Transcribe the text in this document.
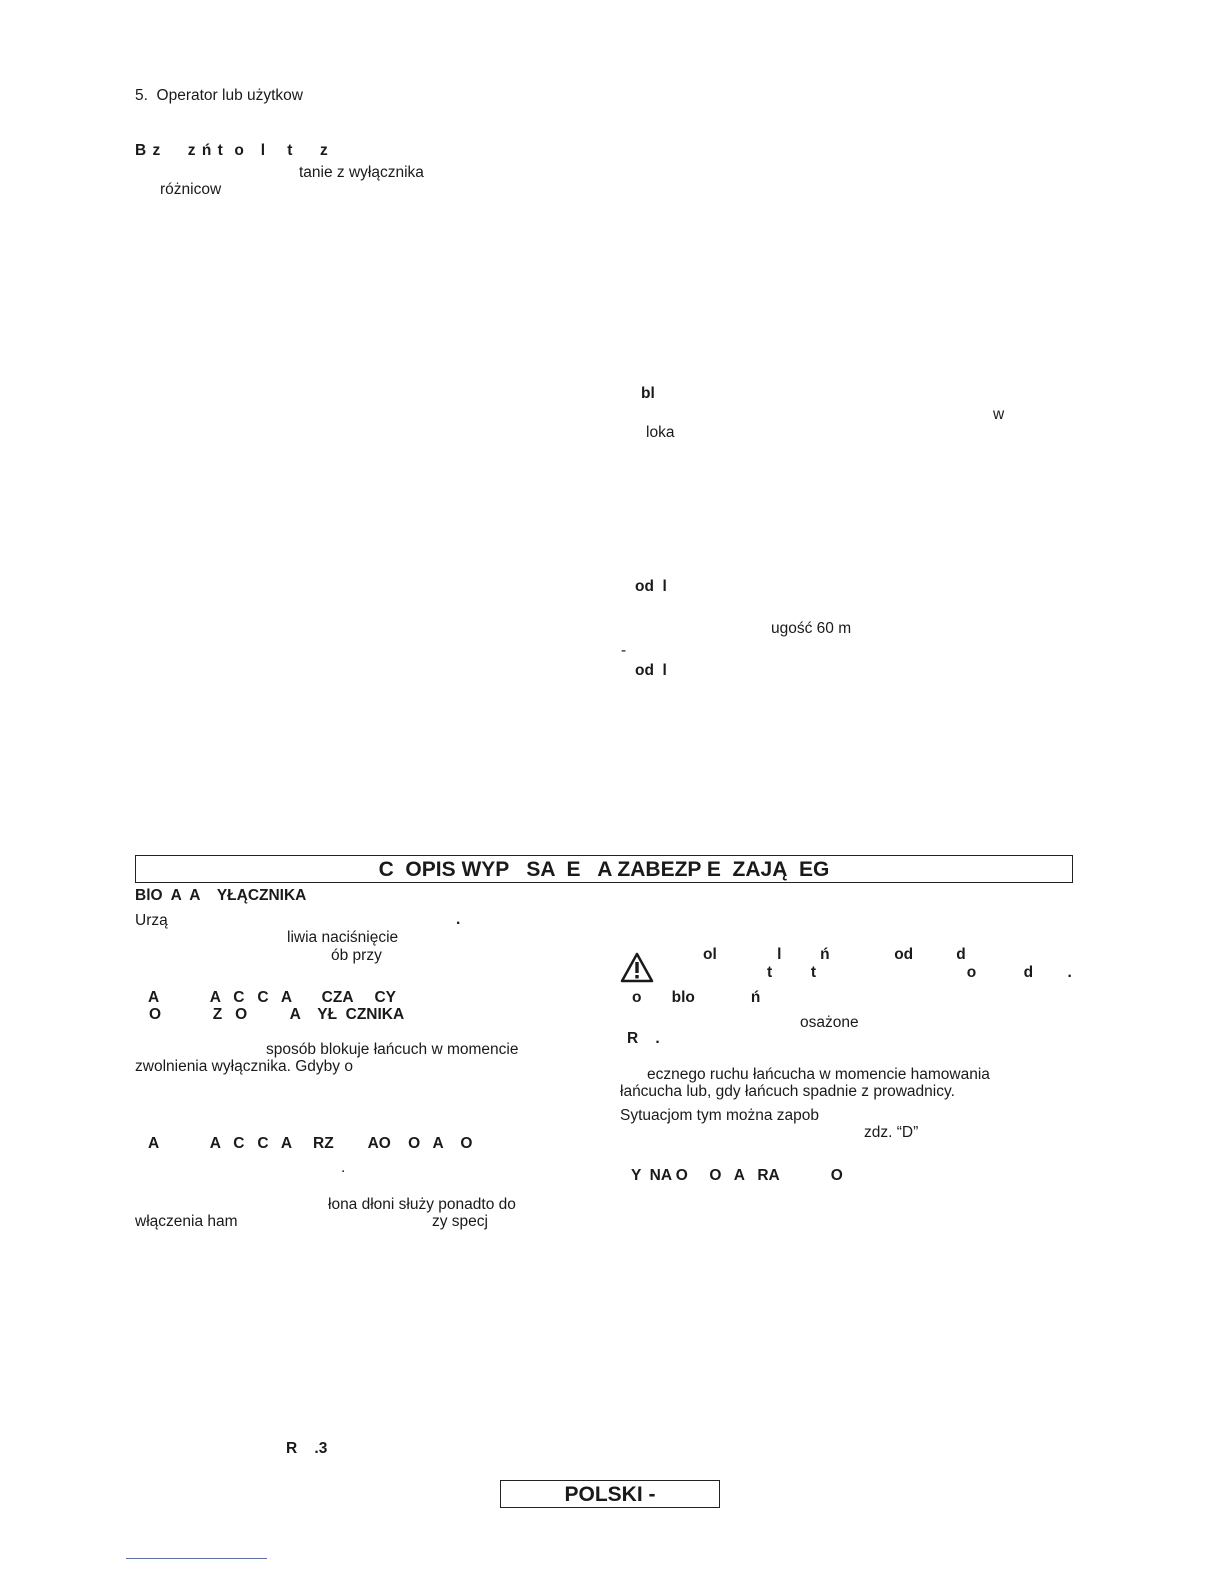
5.  Operator lub użytkow
B z     z ń t  o   l    t     z
tanie z wyłącznika
różnicow
bl
w
loka
od  l
ugość 60 m
-
od  l
C  OPIS WYP   SA  E   A ZABEZP E  ZAJĄ  EG
BlO  A  A    YŁĄCZNIKA
Urzą	.
liwia naciśnięcie
ób przy
A            A   C   C   A       CZA     CY
O            Z   O          A    YŁ  CZNIKA
sposób blokuje łańcuch w momencie
zwolnienia wyłącznika. Gdyby o
A            A   C   C   A     RZ        AO    O   A    O
.
łona dłoni służy ponadto do
włączenia ham	zy specj
R    .3
ol              l         ń               od          d
t         t                                   o           d        .
o       blo             ń
osażone
R    .
ecznego ruchu łańcucha w momencie hamowania
łańcucha lub, gdy łańcuch spadnie z prowadnicy.
Sytuacjom tym można zapob
zdz. “D”
Y  NA O     O   A   RA            O
POLSKI -
